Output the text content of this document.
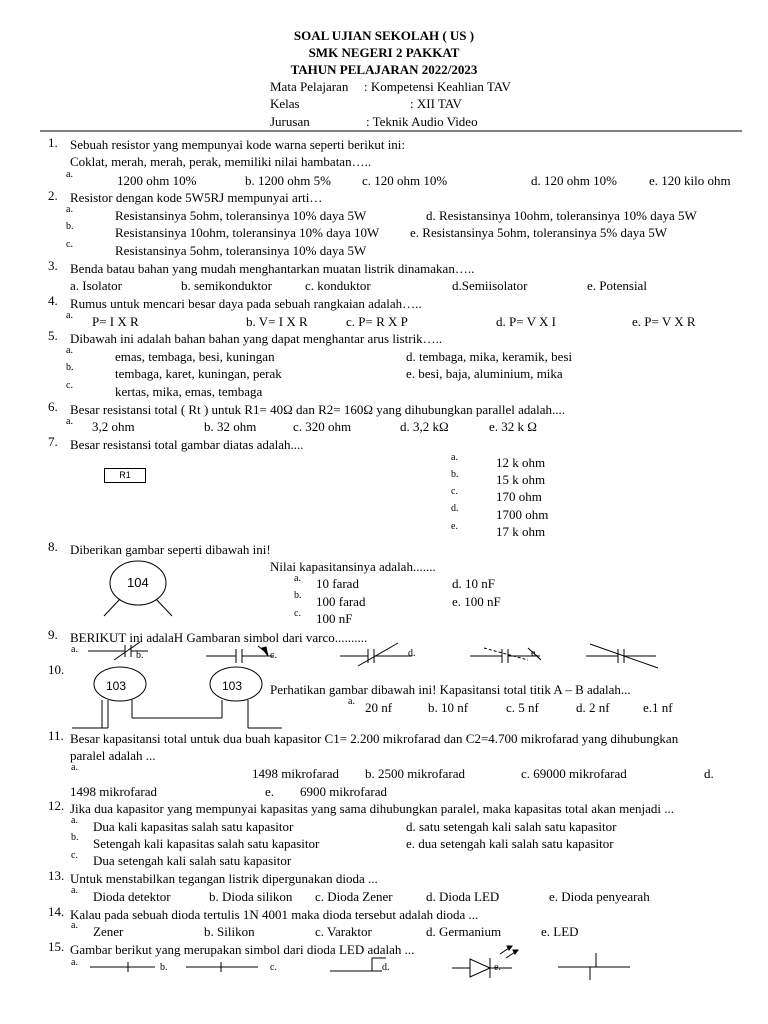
SOAL UJIAN SEKOLAH ( US )
SMK NEGERI 2 PAKKAT
TAHUN PELAJARAN 2022/2023
Mata Pelajaran : Kompetensi Keahlian TAV
Kelas	: XII TAV
Jurusan	: Teknik Audio Video
1. Sebuah resistor yang mempunyai kode warna seperti berikut ini:
Coklat, merah, merah, perak, memiliki nilai hambatan…..
a.	1200 ohm 10%	b. 1200 ohm 5% c. 120 ohm 10%	d. 120 ohm 10% e. 120 kilo ohm
2. Resistor dengan kode 5W5RJ mempunyai arti…
a.	Resistansinya 5ohm, toleransinya 10% daya 5W	d. Resistansinya 10ohm, toleransinya 10% daya 5W
b.	Resistansinya 10ohm, toleransinya 10% daya 10W e. Resistansinya 5ohm, toleransinya 5% daya 5W
c.	Resistansinya 5ohm, toleransinya 10% daya 5W
3. Benda batau bahan yang mudah menghantarkan muatan listrik dinamakan…..
a. Isolator	b. semikonduktor	c. konduktor	d.Semiisolator	e. Potensial
4. Rumus untuk mencari besar daya pada sebuah rangkaian adalah…..
a. P= I X R	b. V= I X R	c. P= R X P	d. P= V X I	e. P= V X R
5. Dibawah ini adalah bahan bahan yang dapat menghantar arus listrik…..
a.	emas, tembaga, besi, kuningan	d. tembaga, mika, keramik, besi
b.	tembaga, karet, kuningan, perak	e. besi, baja, aluminium, mika
c.	kertas, mika, emas, tembaga
6. Besar resistansi total ( Rt ) untuk R1= 40Ω dan R2= 160Ω yang dihubungkan parallel adalah....
a. 3,2 ohm	b. 32 ohm	c. 320 ohm	d. 3,2 kΩ	e. 32 k Ω
7. Besar resistansi total gambar diatas adalah....
R1
a.	12 k ohm
b.	15 k ohm
c.	170 ohm
d.	1700 ohm
e.	17 k ohm
8. Diberikan gambar seperti dibawah ini!
104
Nilai kapasitansinya adalah.......
a. 10 farad	d. 10 nF
b. 100 farad	e. 100 nF
c. 100 nF
9. BERIKUT ini adalaH Gambaran simbol dari varco..........
a.
b.	c.	d.	e.
10.
103	103 Perhatikan gambar dibawah ini! Kapasitansi total titik A – B adalah...
a. 20 nf	b. 10 nf	c. 5 nf	d. 2 nf	e.1 nf
11. Besar kapasitansi total untuk dua buah kapasitor C1= 2.200 mikrofarad dan C2=4.700 mikrofarad yang dihubungkan
paralel adalah ...
a.	1498 mikrofarad b. 2500 mikrofarad	c. 69000 mikrofarad	d.
1498 mikrofarad	e. 6900 mikrofarad
12. Jika dua kapasitor yang mempunyai kapasitas yang sama dihubungkan paralel, maka kapasitas total akan menjadi ...
a. Dua kali kapasitas salah satu kapasitor	d. satu setengah kali salah satu kapasitor
b. Setengah kali kapasitas salah satu kapasitor	e. dua setengah kali salah satu kapasitor
c. Dua setengah kali salah satu kapasitor
13. Untuk menstabilkan tegangan listrik dipergunakan dioda ...
a. Dioda detektor	b. Dioda silikon c. Dioda Zener	d. Dioda LED	e. Dioda penyearah
14. Kalau pada sebuah dioda tertulis 1N 4001 maka dioda tersebut adalah dioda ...
a. Zener	b. Silikon	c. Varaktor	d. Germanium	e. LED
15. Gambar berikut yang merupakan simbol dari dioda LED adalah ...
a.	b.	c.	d.	e.
